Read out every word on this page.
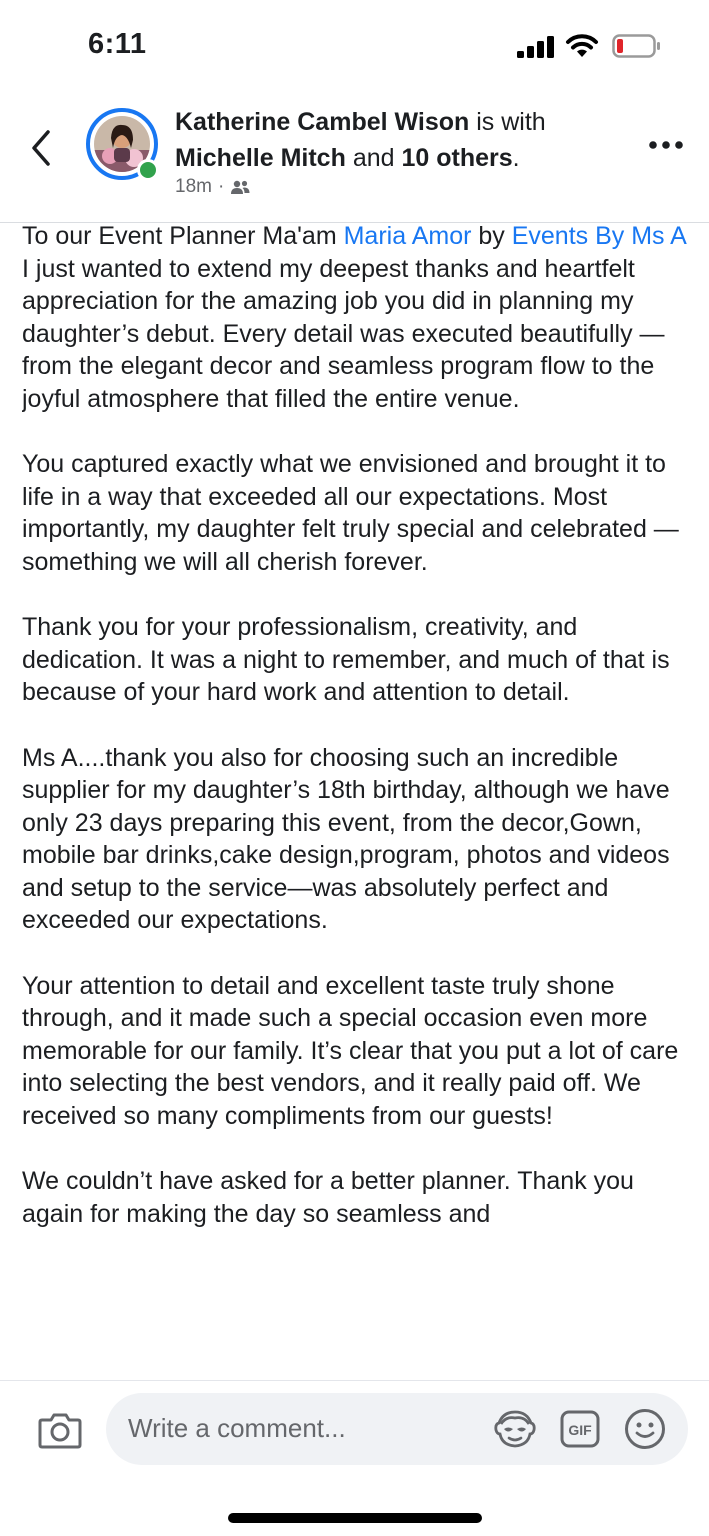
6:11
Katherine Cambel Wison is with
Michelle Mitch and 10 others.
18m ·

To our Event Planner Ma'am Maria Amor by Events By Ms A I just wanted to extend my deepest thanks and heartfelt appreciation for the amazing job you did in planning my daughter’s debut. Every detail was executed beautifully — from the elegant decor and seamless program flow to the joyful atmosphere that filled the entire venue.

You captured exactly what we envisioned and brought it to life in a way that exceeded all our expectations. Most importantly, my daughter felt truly special and celebrated — something we will all cherish forever.

Thank you for your professionalism, creativity, and dedication. It was a night to remember, and much of that is because of your hard work and attention to detail.

Ms A....thank you also for choosing such an incredible supplier for my daughter’s 18th birthday, although we have only 23 days preparing this event, from the decor,Gown, mobile bar drinks,cake design,program, photos and videos and setup to the service—was absolutely perfect and exceeded our expectations.

Your attention to detail and excellent taste truly shone through, and it made such a special occasion even more memorable for our family. It’s clear that you put a lot of care into selecting the best vendors, and it really paid off. We received so many compliments from our guests!

We couldn’t have asked for a better planner. Thank you again for making the day so seamless and

Write a comment...	GIF
